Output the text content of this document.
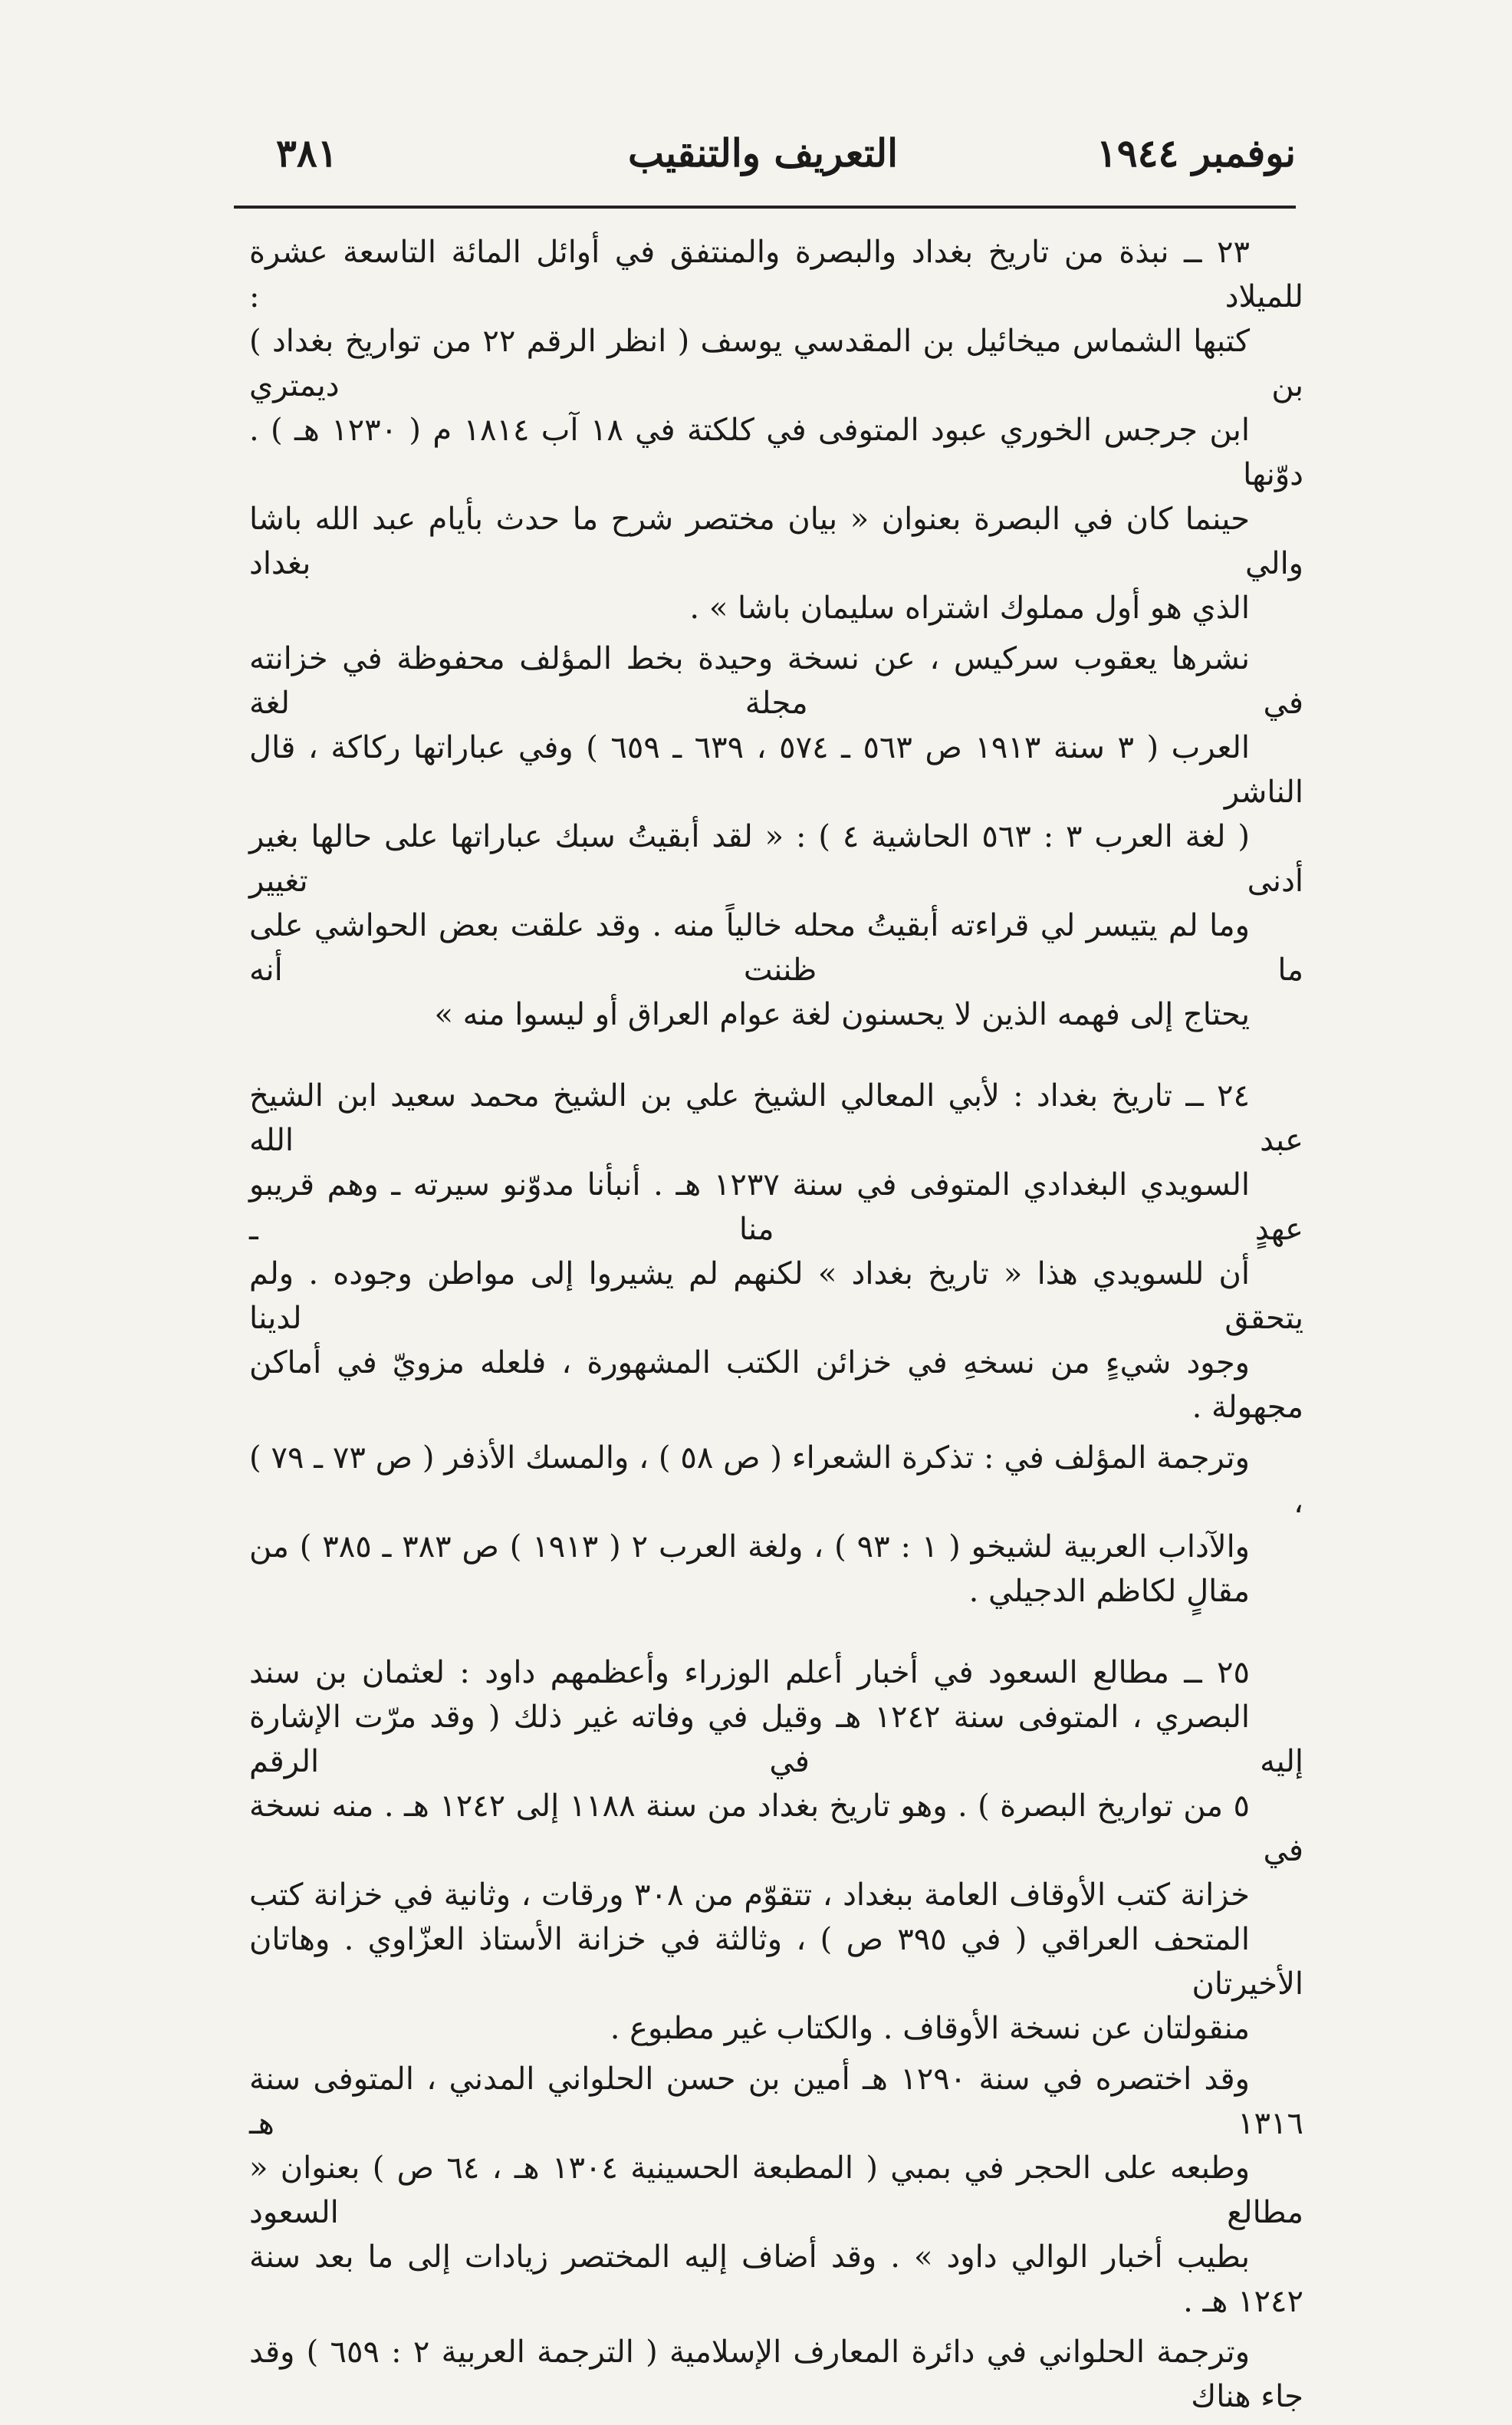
نوفمبر ١٩٤٤
التعريف والتنقيب
٣٨١
٢٣ ــ نبذة من تاريخ بغداد والبصرة والمنتفق في أوائل المائة التاسعة عشرة للميلاد :
كتبها الشماس ميخائيل بن المقدسي يوسف ( انظر الرقم ٢٢ من تواريخ بغداد ) بن ديمتري
ابن جرجس الخوري عبود المتوفى في كلكتة في ١٨ آب ١٨١٤ م ( ١٢٣٠ هـ ) . دوّنها
حينما كان في البصرة بعنوان « بيان مختصر شرح ما حدث بأيام عبد الله باشا والي بغداد
الذي هو أول مملوك اشتراه سليمان باشا » .
نشرها يعقوب سركيس ، عن نسخة وحيدة بخط المؤلف محفوظة في خزانته في مجلة لغة
العرب ( ٣ سنة ١٩١٣ ص ٥٦٣ ـ ٥٧٤ ، ٦٣٩ ـ ٦٥٩ ) وفي عباراتها ركاكة ، قال الناشر
( لغة العرب ٣ : ٥٦٣ الحاشية ٤ ) : « لقد أبقيتُ سبك عباراتها على حالها بغير أدنى تغيير
وما لم يتيسر لي قراءته أبقيتُ محله خالياً منه . وقد علقت بعض الحواشي على ما ظننت أنه
يحتاج إلى فهمه الذين لا يحسنون لغة عوام العراق أو ليسوا منه »
٢٤ ــ تاريخ بغداد : لأبي المعالي الشيخ علي بن الشيخ محمد سعيد ابن الشيخ عبد الله
السويدي البغدادي المتوفى في سنة ١٢٣٧ هـ . أنبأنا مدوّنو سيرته ـ وهم قريبو عهدٍ منا ـ
أن للسويدي هذا « تاريخ بغداد » لكنهم لم يشيروا إلى مواطن وجوده . ولم يتحقق لدينا
وجود شيءٍ من نسخهِ في خزائن الكتب المشهورة ، فلعله مزويّ في أماكن مجهولة .
وترجمة المؤلف في : تذكرة الشعراء ( ص ٥٨ ) ، والمسك الأذفر ( ص ٧٣ ـ ٧٩ ) ،
والآداب العربية لشيخو ( ١ : ٩٣ ) ، ولغة العرب ٢ ( ١٩١٣ ) ص ٣٨٣ ـ ٣٨٥ ) من
مقالٍ لكاظم الدجيلي .
٢٥ ــ مطالع السعود في أخبار أعلم الوزراء وأعظمهم داود : لعثمان بن سند
البصري ، المتوفى سنة ١٢٤٢ هـ وقيل في وفاته غير ذلك ( وقد مرّت الإشارة إليه في الرقم
٥ من تواريخ البصرة ) . وهو تاريخ بغداد من سنة ١١٨٨ إلى ١٢٤٢ هـ . منه نسخة في
خزانة كتب الأوقاف العامة ببغداد ، تتقوّم من ٣٠٨ ورقات ، وثانية في خزانة كتب
المتحف العراقي ( في ٣٩٥ ص ) ، وثالثة في خزانة الأستاذ العزّاوي . وهاتان الأخيرتان
منقولتان عن نسخة الأوقاف . والكتاب غير مطبوع .
وقد اختصره في سنة ١٢٩٠ هـ أمين بن حسن الحلواني المدني ، المتوفى سنة ١٣١٦ هـ
وطبعه على الحجر في بمبي ( المطبعة الحسينية ١٣٠٤ هـ ، ٦٤ ص ) بعنوان « مطالع السعود
بطيب أخبار الوالي داود » . وقد أضاف إليه المختصر زيادات إلى ما بعد سنة ١٢٤٢ هـ .
وترجمة الحلواني في دائرة المعارف الإسلامية ( الترجمة العربية ٢ : ٦٥٩ ) وقد جاء هناك
